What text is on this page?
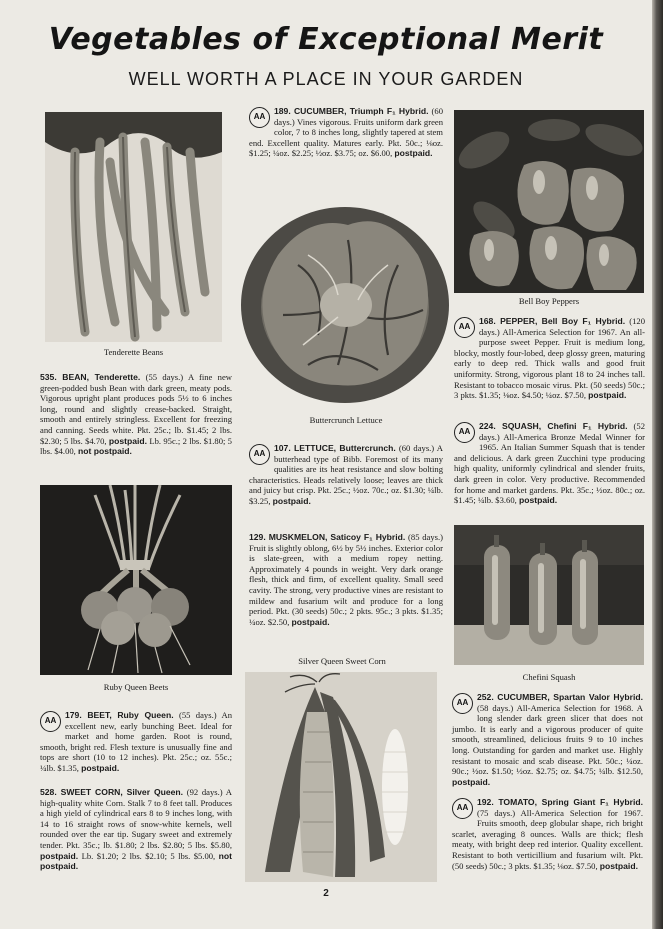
Vegetables of Exceptional Merit
WELL WORTH A PLACE IN YOUR GARDEN
Tenderette Beans
535. BEAN, Tenderette. (55 days.) A fine new green-podded bush Bean with dark green, meaty pods. Vigorous upright plant produces pods 5½ to 6 inches long, round and slightly crease-backed. Straight, smooth and entirely stringless. Excellent for freezing and canning. Seeds white. Pkt. 25c.; lb. $1.45; 2 lbs. $2.30; 5 lbs. $4.70, postpaid. Lb. 95c.; 2 lbs. $1.80; 5 lbs. $4.00, not postpaid.
Ruby Queen Beets
AA
179. BEET, Ruby Queen. (55 days.) An excellent new, early bunching Beet. Ideal for market and home garden. Root is round, smooth, bright red. Flesh texture is unusually fine and tops are short (10 to 12 inches). Pkt. 25c.; oz. 55c.; ¼lb. $1.35, postpaid.
528. SWEET CORN, Silver Queen. (92 days.) A high-quality white Corn. Stalk 7 to 8 feet tall. Produces a high yield of cylindrical ears 8 to 9 inches long, with 14 to 16 straight rows of snow-white kernels, well rounded over the ear tip. Sugary sweet and extremely tender. Pkt. 35c.; lb. $1.80; 2 lbs. $2.80; 5 lbs. $5.80, postpaid. Lb. $1.20; 2 lbs. $2.10; 5 lbs. $5.00, not postpaid.
189. CUCUMBER, Triumph F₁ Hybrid.
AA
(60 days.) Vines vigorous. Fruits uniform dark green color, 7 to 8 inches long, slightly tapered at stem end. Excellent quality. Matures early. Pkt. 50c.; ⅛oz. $1.25; ¼oz. $2.25; ½oz. $3.75; oz. $6.00, postpaid.
Buttercrunch Lettuce
107. LETTUCE, Buttercrunch.
AA
(60 days.) A butterhead type of Bibb. Foremost of its many qualities are its heat resistance and slow bolting characteristics. Heads relatively loose; leaves are thick and juicy but crisp. Pkt. 25c.; ½oz. 70c.; oz. $1.30; ¼lb. $3.25, postpaid.
129. MUSKMELON, Saticoy F₁ Hybrid. (85 days.) Fruit is slightly oblong, 6½ by 5½ inches. Exterior color is slate-green, with a medium ropey netting. Approximately 4 pounds in weight. Very dark orange flesh, thick and firm, of excellent quality. Small seed cavity. The strong, very productive vines are resistant to mildew and fusarium wilt and produce for a long period. Pkt. (30 seeds) 50c.; 2 pkts. 95c.; 3 pkts. $1.35; ¼oz. $2.50, postpaid.
Silver Queen Sweet Corn
Bell Boy Peppers
168. PEPPER, Bell Boy F₁ Hybrid.
AA
(120 days.) All-America Selection for 1967. An all-purpose sweet Pepper. Fruit is medium long, blocky, mostly four-lobed, deep glossy green, maturing early to deep red. Thick walls and good fruit uniformity. Strong, vigorous plant 18 to 24 inches tall. Resistant to tobacco mosaic virus. Pkt. (50 seeds) 50c.; 3 pkts. $1.35; ⅛oz. $4.50; ¼oz. $7.50, postpaid.
224. SQUASH, Chefini F₁ Hybrid.
AA
(52 days.) All-America Bronze Medal Winner for 1965. An Italian Summer Squash that is tender and delicious. A dark green Zucchini type producing high quality, uniformly cylindrical and slender fruits, dark green in color. Very productive. Recommended for home and market gardens. Pkt. 35c.; ½oz. 80c.; oz. $1.45; ¼lb. $3.60, postpaid.
Chefini Squash
252. CUCUMBER, Spartan Valor Hybrid.
AA
(58 days.) All-America Selection for 1968. A long slender dark green slicer that does not jumbo. It is early and a vigorous producer of quite smooth, streamlined, delicious fruits 9 to 10 inches long. Outstanding for garden and market use. Highly resistant to mosaic and scab disease. Pkt. 50c.; ¼oz. 90c.; ½oz. $1.50; ½oz. $2.75; oz. $4.75; ¼lb. $12.50, postpaid.
192. TOMATO, Spring Giant F₁ Hybrid.
AA
(75 days.) All-America Selection for 1967. Fruits smooth, deep globular shape, rich bright scarlet, averaging 8 ounces. Walls are thick; flesh meaty, with bright deep red interior. Quality excellent. Resistant to both verticillium and fusarium wilt. Pkt. (50 seeds) 50c.; 3 pkts. $1.35; ⅛oz. $7.50, postpaid.
2
